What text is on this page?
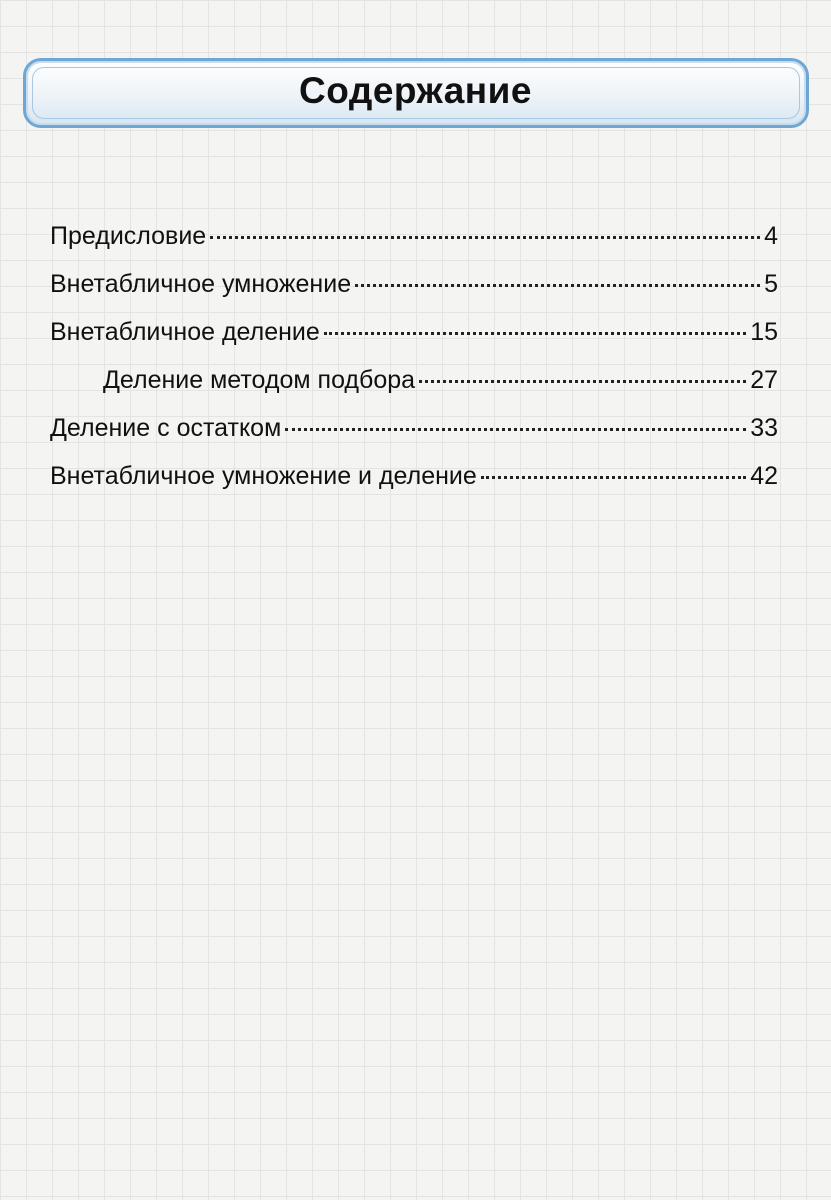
Содержание
Предисловие	4
Внетабличное умножение	5
Внетабличное деление	15
Деление методом подбора	27
Деление с остатком	33
Внетабличное умножение и деление	42
